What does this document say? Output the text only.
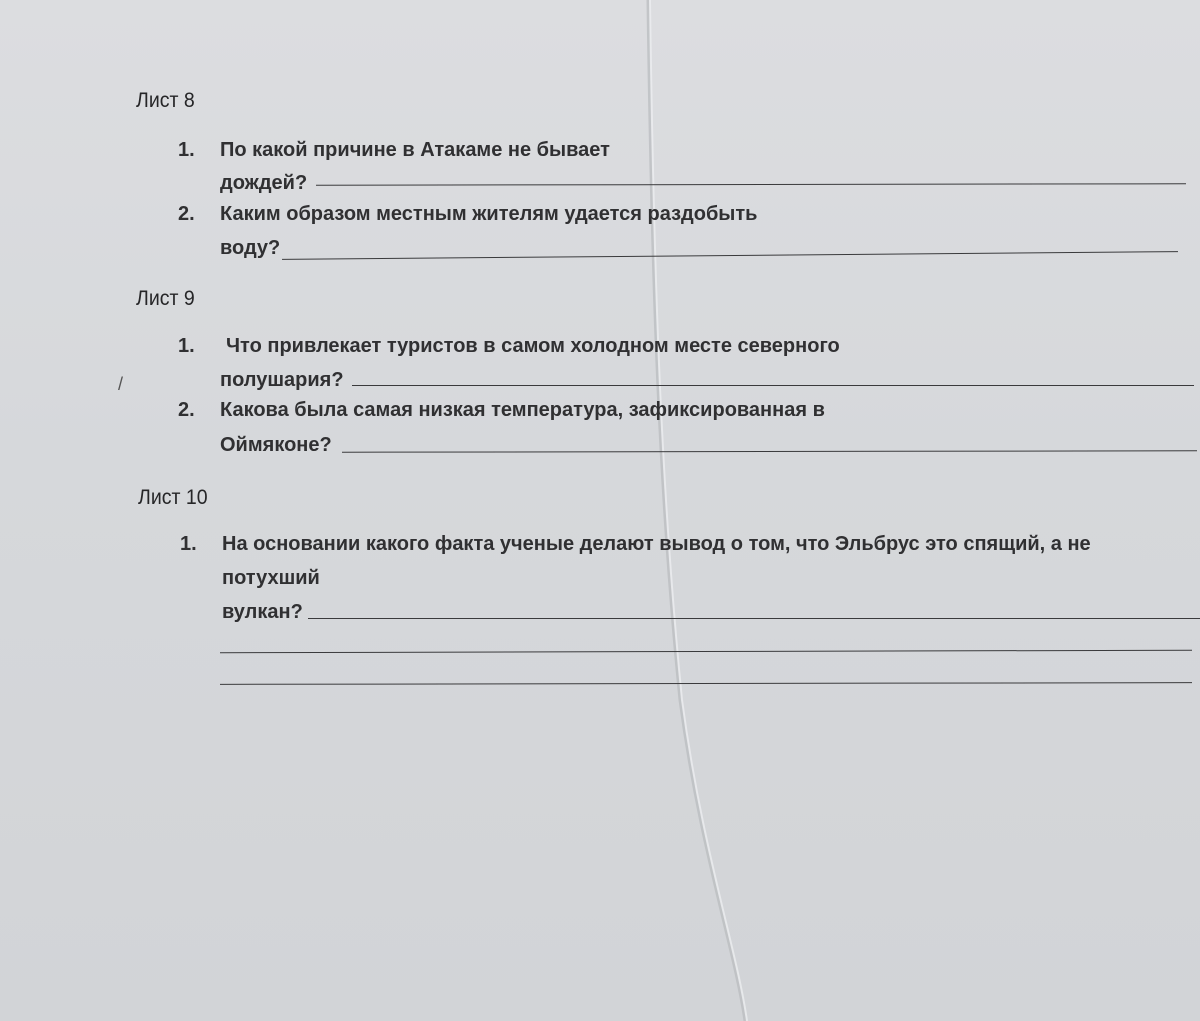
Лист 8
1. По какой причине в Атакаме не бывает
дождей?
2. Каким образом местным жителям удается раздобыть
воду?
Лист 9
1. Что привлекает туристов в самом холодном месте северного
полушария?
/
2. Какова была самая низкая температура, зафиксированная в
Оймяконе?
Лист 10
1. На основании какого факта ученые делают вывод о том, что Эльбрус это спящий, а не
потухший
вулкан?
